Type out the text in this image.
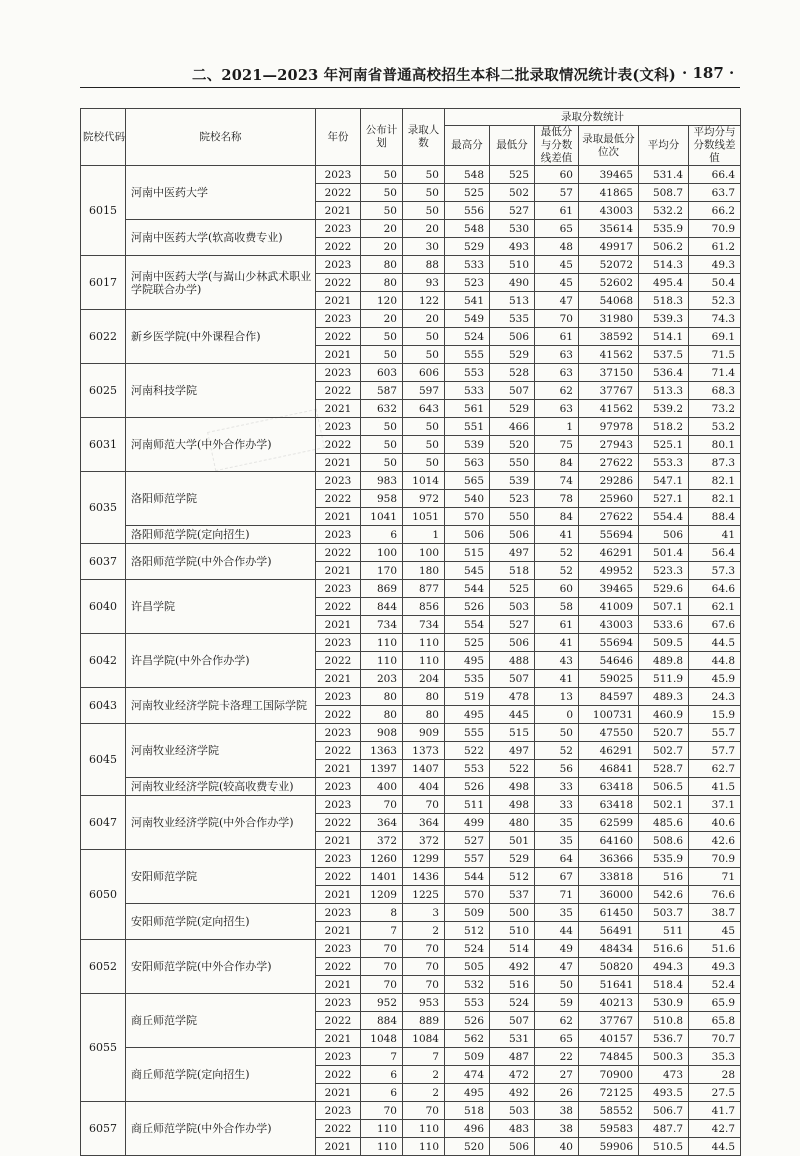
二、2021—2023 年河南省普通高校招生本科二批录取情况统计表(文科) · 187 ·
院校代码	院校名称	年份	公布计划	录取人数	录取分数统计					
					最高分	最低分	最低分与分数线差值	录取最低分位次	平均分	平均分与分数线差值
6015	河南中医药大学	2023	50	50	548	525	60	39465	531.4	66.4
		2022	50	50	525	502	57	41865	508.7	63.7
		2021	50	50	556	527	61	43003	532.2	66.2
	河南中医药大学(软高收费专业)	2023	20	20	548	530	65	35614	535.9	70.9
		2022	20	30	529	493	48	49917	506.2	61.2
6017	河南中医药大学(与嵩山少林武术职业学院联合办学)	2023	80	88	533	510	45	52072	514.3	49.3
		2022	80	93	523	490	45	52602	495.4	50.4
		2021	120	122	541	513	47	54068	518.3	52.3
6022	新乡医学院(中外课程合作)	2023	20	20	549	535	70	31980	539.3	74.3
		2022	50	50	524	506	61	38592	514.1	69.1
		2021	50	50	555	529	63	41562	537.5	71.5
6025	河南科技学院	2023	603	606	553	528	63	37150	536.4	71.4
		2022	587	597	533	507	62	37767	513.3	68.3
		2021	632	643	561	529	63	41562	539.2	73.2
6031	河南师范大学(中外合作办学)	2023	50	50	551	466	1	97978	518.2	53.2
		2022	50	50	539	520	75	27943	525.1	80.1
		2021	50	50	563	550	84	27622	553.3	87.3
6035	洛阳师范学院	2023	983	1014	565	539	74	29286	547.1	82.1
		2022	958	972	540	523	78	25960	527.1	82.1
		2021	1041	1051	570	550	84	27622	554.4	88.4
	洛阳师范学院(定向招生)	2023	6	1	506	506	41	55694	506	41
6037	洛阳师范学院(中外合作办学)	2022	100	100	515	497	52	46291	501.4	56.4
		2021	170	180	545	518	52	49952	523.3	57.3
6040	许昌学院	2023	869	877	544	525	60	39465	529.6	64.6
		2022	844	856	526	503	58	41009	507.1	62.1
		2021	734	734	554	527	61	43003	533.6	67.6
6042	许昌学院(中外合作办学)	2023	110	110	525	506	41	55694	509.5	44.5
		2022	110	110	495	488	43	54646	489.8	44.8
		2021	203	204	535	507	41	59025	511.9	45.9
6043	河南牧业经济学院卡洛理工国际学院	2023	80	80	519	478	13	84597	489.3	24.3
		2022	80	80	495	445	0	100731	460.9	15.9
6045	河南牧业经济学院	2023	908	909	555	515	50	47550	520.7	55.7
		2022	1363	1373	522	497	52	46291	502.7	57.7
		2021	1397	1407	553	522	56	46841	528.7	62.7
	河南牧业经济学院(较高收费专业)	2023	400	404	526	498	33	63418	506.5	41.5
6047	河南牧业经济学院(中外合作办学)	2023	70	70	511	498	33	63418	502.1	37.1
		2022	364	364	499	480	35	62599	485.6	40.6
		2021	372	372	527	501	35	64160	508.6	42.6
6050	安阳师范学院	2023	1260	1299	557	529	64	36366	535.9	70.9
		2022	1401	1436	544	512	67	33818	516	71
		2021	1209	1225	570	537	71	36000	542.6	76.6
	安阳师范学院(定向招生)	2023	8	3	509	500	35	61450	503.7	38.7
		2021	7	2	512	510	44	56491	511	45
6052	安阳师范学院(中外合作办学)	2023	70	70	524	514	49	48434	516.6	51.6
		2022	70	70	505	492	47	50820	494.3	49.3
		2021	70	70	532	516	50	51641	518.4	52.4
6055	商丘师范学院	2023	952	953	553	524	59	40213	530.9	65.9
		2022	884	889	526	507	62	37767	510.8	65.8
		2021	1048	1084	562	531	65	40157	536.7	70.7
	商丘师范学院(定向招生)	2023	7	7	509	487	22	74845	500.3	35.3
		2022	6	2	474	472	27	70900	473	28
		2021	6	2	495	492	26	72125	493.5	27.5
6057	商丘师范学院(中外合作办学)	2023	70	70	518	503	38	58552	506.7	41.7
		2022	110	110	496	483	38	59583	487.7	42.7
		2021	110	110	520	506	40	59906	510.5	44.5
